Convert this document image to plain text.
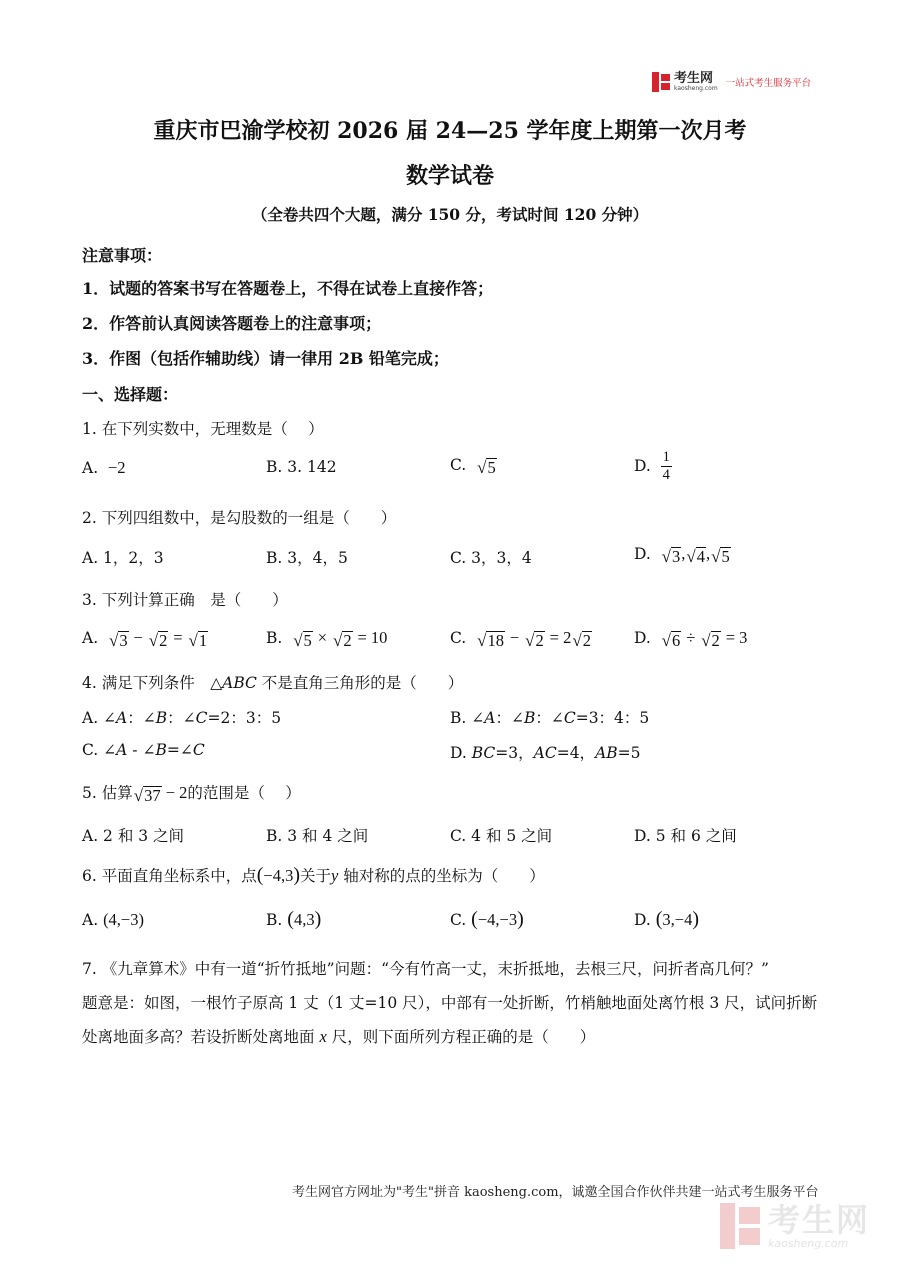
考生网
kaosheng.com 一站式考生服务平台
重庆市巴渝学校初 2026 届 24—25 学年度上期第一次月考
数学试卷
（全卷共四个大题，满分 150 分，考试时间 120 分钟）
注意事项：
1．试题的答案书写在答题卷上，不得在试卷上直接作答；
2．作答前认真阅读答题卷上的注意事项；
3．作图（包括作辅助线）请一律用 2B 铅笔完成；
一、选择题：
1. 在下列实数中，无理数是（　 ）
A. −2	B. 3. 142	C. √ 5	D. $\frac{1}{4}$
2. 下列四组数中，是勾股数的一组是（　　）
A. 1，2，3	B. 3，4，5	C. 3，3，4	D. √ 3 , √ 4 , √ 5
3. 下列计算正确　是（　　）
A. √ 3 − √ 2 = √ 1	B. √ 5 × √ 2 = 10	C. √ 18 − √ 2 = 2 √ 2	D. √ 6 ÷ √ 2 = 3
4. 满足下列条件　△ABC 不是直角三角形的是（　　）
A. ∠A：∠B：∠C=2：3：5	B. ∠A：∠B：∠C=3：4：5
C. ∠A - ∠B=∠C	D. BC=3，AC=4，AB=5
5. 估算 √ 37 − 2的范围是（　 ）
A. 2 和 3 之间	B. 3 和 4 之间	C. 4 和 5 之间	D. 5 和 6 之间
6. 平面直角坐标系中，点(−4,3)关于y 轴对称的点的坐标为（　　）
A. (4,−3)	B. (4,3)	C. (−4,−3)	D. (3,−4)
7. 《九章算术》中有一道“折竹抵地”问题：“今有竹高一丈，末折抵地，去根三尺，问折者高几何？”
题意是：如图，一根竹子原高 1 丈（1 丈=10 尺），中部有一处折断，竹梢触地面处离竹根 3 尺，试问折断
处离地面多高？若设折断处离地面 x 尺，则下面所列方程正确的是（　　）
考生网官方网址为"考生"拼音 kaosheng.com，诚邀全国合作伙伴共建一站式考生服务平台
考生网
kaosheng.com
